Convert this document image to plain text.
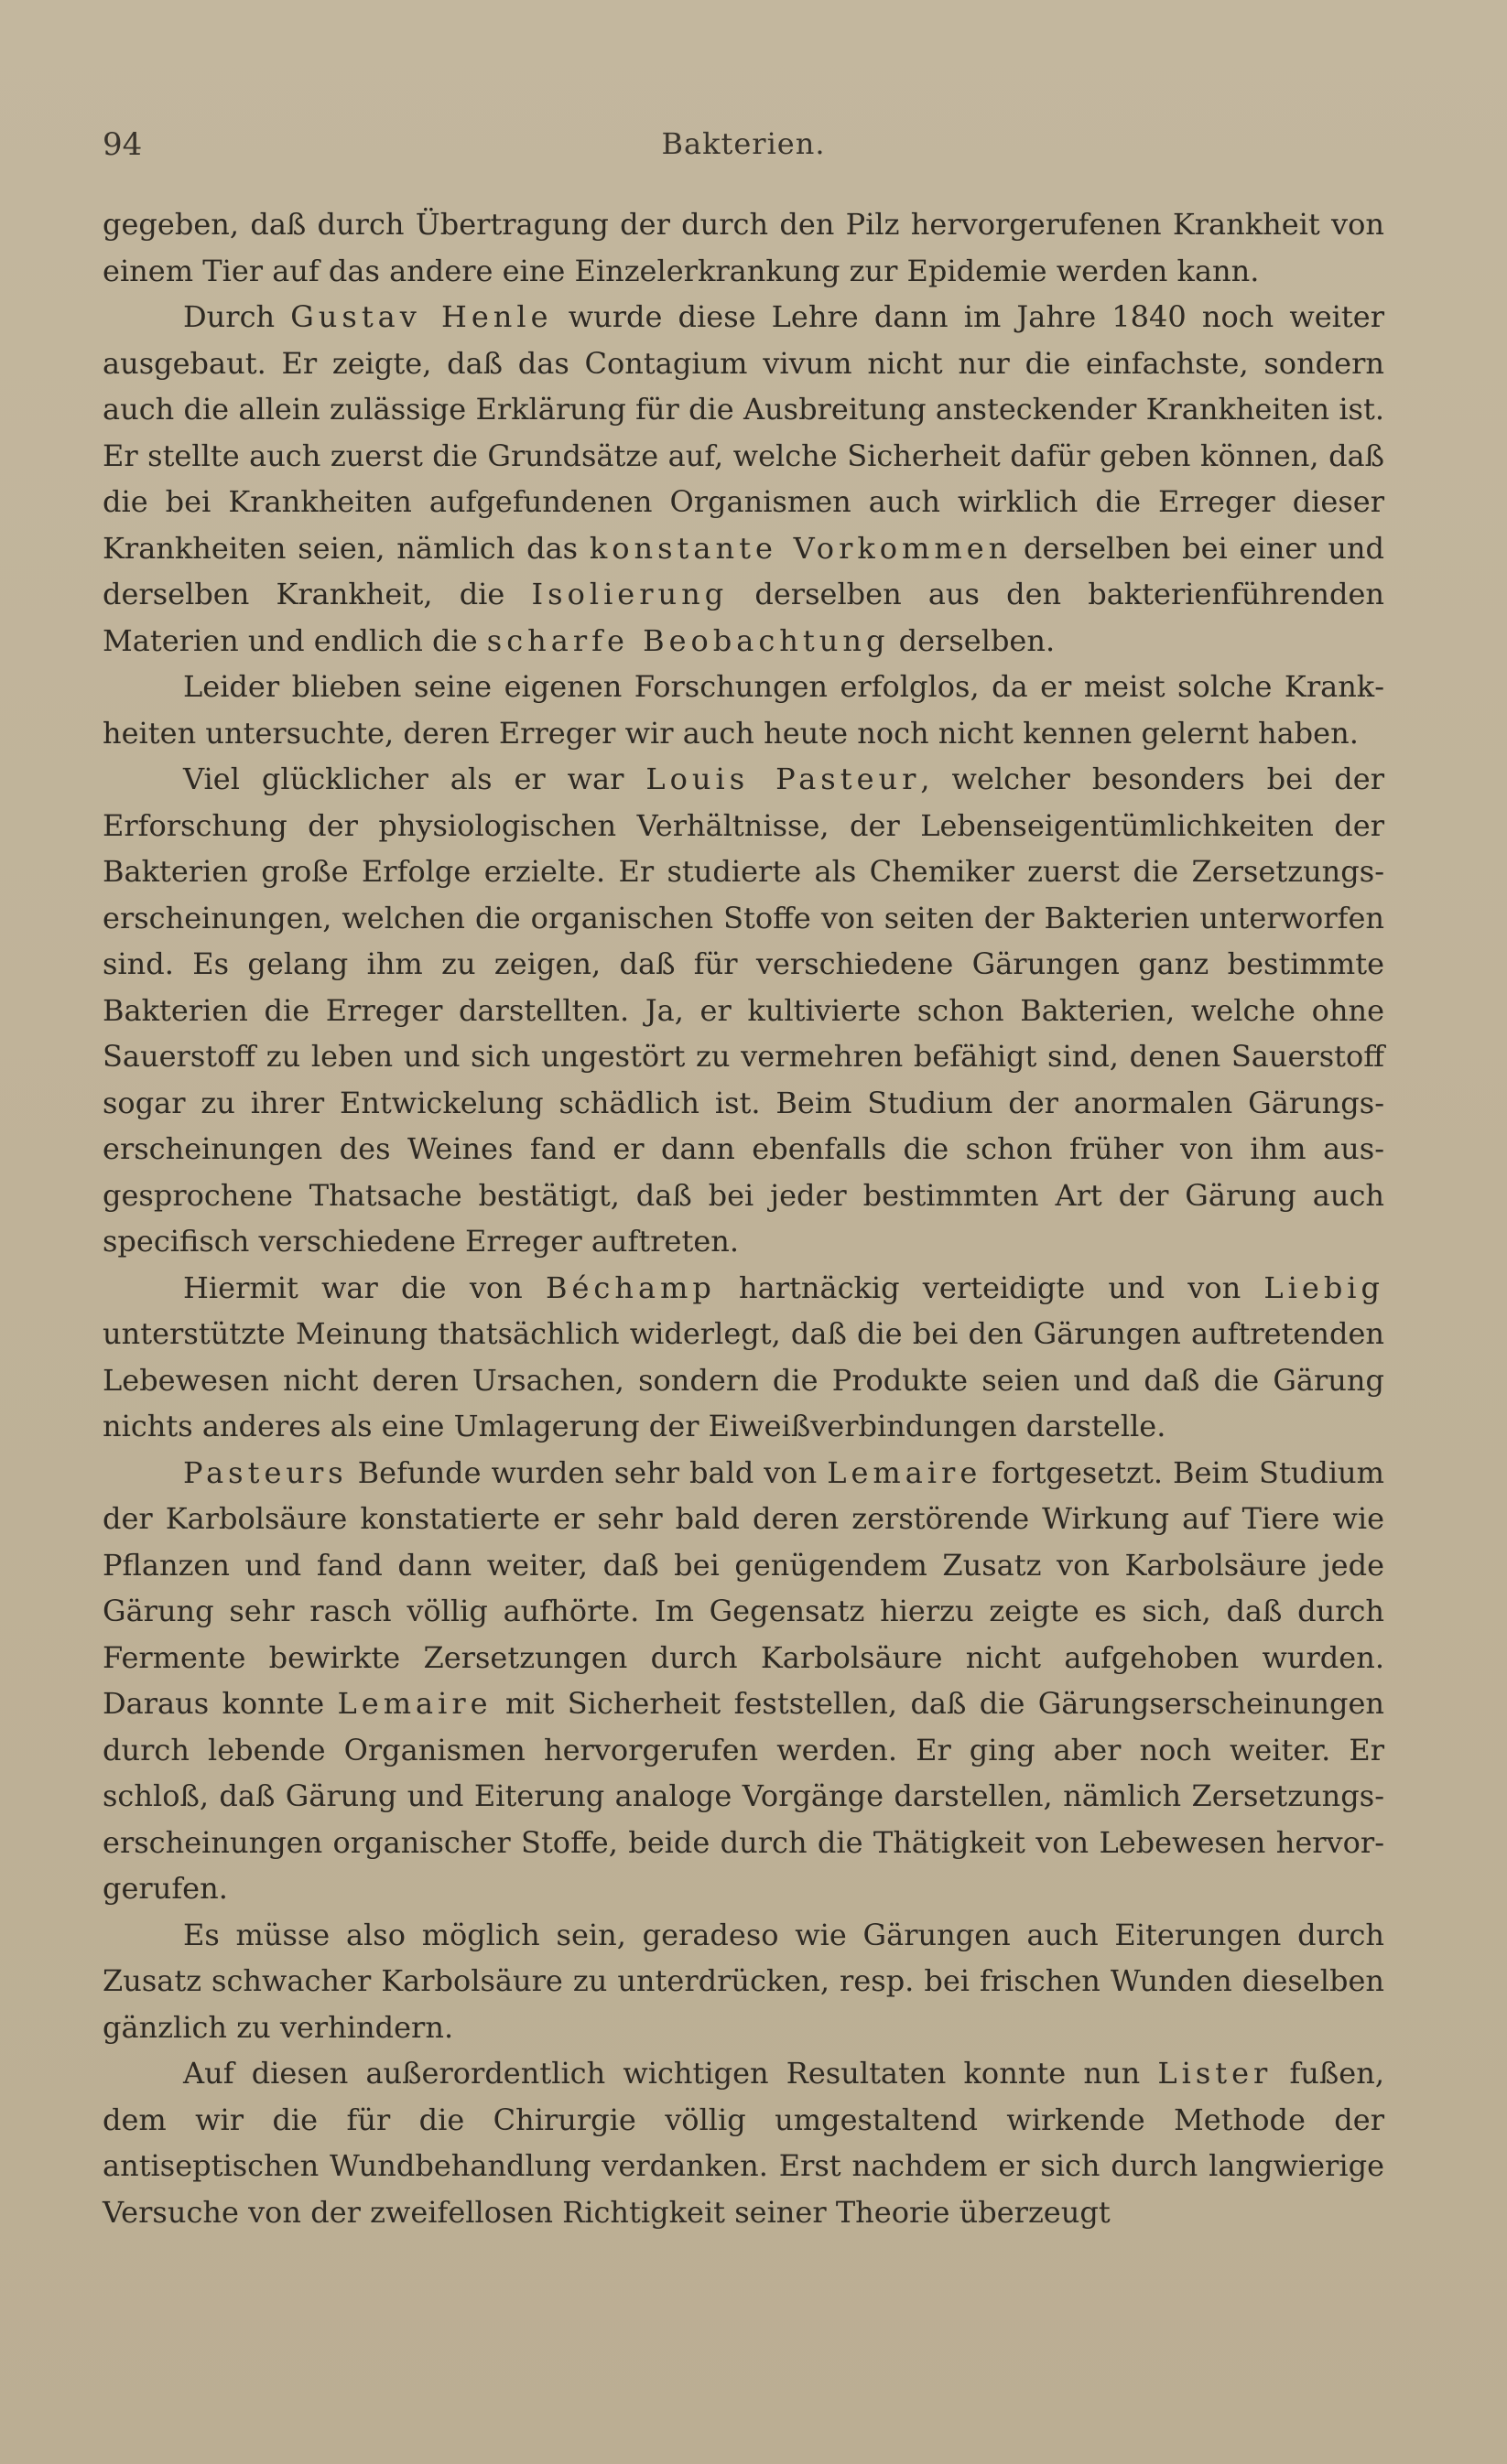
94	Bakterien.

gegeben, daß durch Übertragung der durch den Pilz hervorgerufenen Krankheit von einem Tier auf das andere eine Einzelerkrankung zur Epidemie werden kann.

Durch Gustav Henle wurde diese Lehre dann im Jahre 1840 noch weiter ausgebaut. Er zeigte, daß das Contagium vivum nicht nur die einfachste, sondern auch die allein zulässige Erklärung für die Ausbreitung ansteckender Krankheiten ist. Er stellte auch zuerst die Grundsätze auf, welche Sicherheit dafür geben können, daß die bei Krankheiten aufgefundenen Organismen auch wirklich die Erreger dieser Krankheiten seien, nämlich das konstante Vorkommen derselben bei einer und derselben Krankheit, die Isolierung derselben aus den bakterienführenden Materien und endlich die scharfe Beobachtung derselben.

Leider blieben seine eigenen Forschungen erfolglos, da er meist solche Krankheiten untersuchte, deren Erreger wir auch heute noch nicht kennen gelernt haben.

Viel glücklicher als er war Louis Pasteur, welcher besonders bei der Erforschung der physiologischen Verhältnisse, der Lebenseigentümlichkeiten der Bakterien große Erfolge erzielte. Er studierte als Chemiker zuerst die Zersetzungserscheinungen, welchen die organischen Stoffe von seiten der Bakterien unterworfen sind. Es gelang ihm zu zeigen, daß für verschiedene Gärungen ganz bestimmte Bakterien die Erreger darstellten. Ja, er kultivierte schon Bakterien, welche ohne Sauerstoff zu leben und sich ungestört zu vermehren befähigt sind, denen Sauerstoff sogar zu ihrer Entwickelung schädlich ist. Beim Studium der anormalen Gärungserscheinungen des Weines fand er dann ebenfalls die schon früher von ihm ausgesprochene Thatsache bestätigt, daß bei jeder bestimmten Art der Gärung auch specifisch verschiedene Erreger auftreten.

Hiermit war die von Béchamp hartnäckig verteidigte und von Liebig unterstützte Meinung thatsächlich widerlegt, daß die bei den Gärungen auftretenden Lebewesen nicht deren Ursachen, sondern die Produkte seien und daß die Gärung nichts anderes als eine Umlagerung der Eiweißverbindungen darstelle.

Pasteurs Befunde wurden sehr bald von Lemaire fortgesetzt. Beim Studium der Karbolsäure konstatierte er sehr bald deren zerstörende Wirkung auf Tiere wie Pflanzen und fand dann weiter, daß bei genügendem Zusatz von Karbolsäure jede Gärung sehr rasch völlig aufhörte. Im Gegensatz hierzu zeigte es sich, daß durch Fermente bewirkte Zersetzungen durch Karbolsäure nicht aufgehoben wurden. Daraus konnte Lemaire mit Sicherheit feststellen, daß die Gärungserscheinungen durch lebende Organismen hervorgerufen werden. Er ging aber noch weiter. Er schloß, daß Gärung und Eiterung analoge Vorgänge darstellen, nämlich Zersetzungserscheinungen organischer Stoffe, beide durch die Thätigkeit von Lebewesen hervorgerufen.

Es müsse also möglich sein, geradeso wie Gärungen auch Eiterungen durch Zusatz schwacher Karbolsäure zu unterdrücken, resp. bei frischen Wunden dieselben gänzlich zu verhindern.

Auf diesen außerordentlich wichtigen Resultaten konnte nun Lister fußen, dem wir die für die Chirurgie völlig umgestaltend wirkende Methode der antiseptischen Wundbehandlung verdanken. Erst nachdem er sich durch langwierige Versuche von der zweifellosen Richtigkeit seiner Theorie überzeugt
